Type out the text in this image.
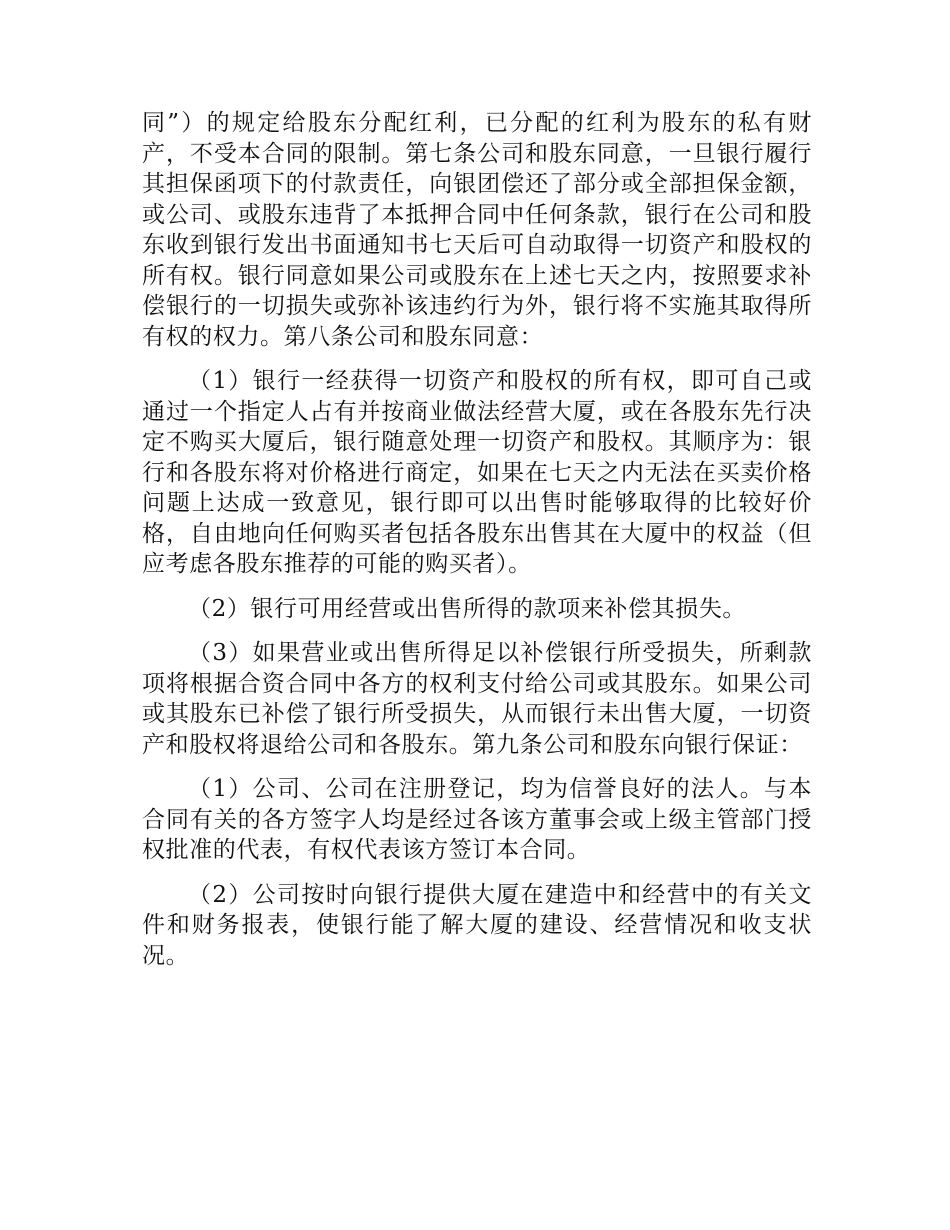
同”）的规定给股东分配红利，已分配的红利为股东的私有财产，不受本合同的限制。第七条公司和股东同意，一旦银行履行其担保函项下的付款责任，向银团偿还了部分或全部担保金额，或公司、或股东违背了本抵押合同中任何条款，银行在公司和股东收到银行发出书面通知书七天后可自动取得一切资产和股权的所有权。银行同意如果公司或股东在上述七天之内，按照要求补偿银行的一切损失或弥补该违约行为外，银行将不实施其取得所有权的权力。第八条公司和股东同意：

（1）银行一经获得一切资产和股权的所有权，即可自己或通过一个指定人占有并按商业做法经营大厦，或在各股东先行决定不购买大厦后，银行随意处理一切资产和股权。其顺序为：银行和各股东将对价格进行商定，如果在七天之内无法在买卖价格问题上达成一致意见，银行即可以出售时能够取得的比较好价格，自由地向任何购买者包括各股东出售其在大厦中的权益（但应考虑各股东推荐的可能的购买者）。

（2）银行可用经营或出售所得的款项来补偿其损失。

（3）如果营业或出售所得足以补偿银行所受损失，所剩款项将根据合资合同中各方的权利支付给公司或其股东。如果公司或其股东已补偿了银行所受损失，从而银行未出售大厦，一切资产和股权将退给公司和各股东。第九条公司和股东向银行保证：

（1）公司、公司在注册登记，均为信誉良好的法人。与本合同有关的各方签字人均是经过各该方董事会或上级主管部门授权批准的代表，有权代表该方签订本合同。

（2）公司按时向银行提供大厦在建造中和经营中的有关文件和财务报表，使银行能了解大厦的建设、经营情况和收支状况。
